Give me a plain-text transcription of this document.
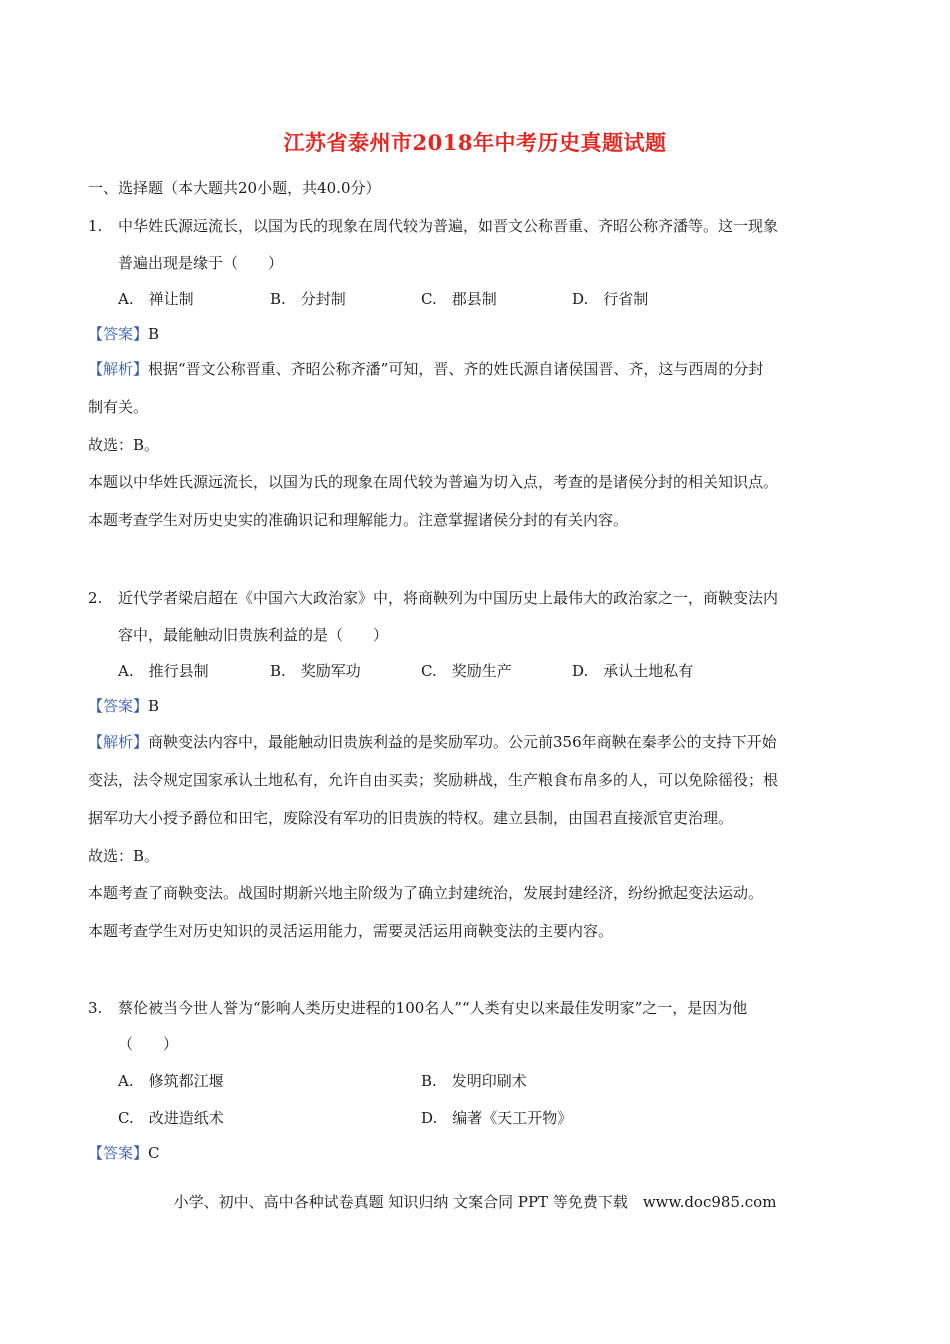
江苏省泰州市2018年中考历史真题试题
一、选择题（本大题共20小题，共40.0分）
1. 中华姓氏源远流长，以国为氏的现象在周代较为普遍，如晋文公称晋重、齐昭公称齐潘等。这一现象
普遍出现是缘于（　　）
A.　禅让制	B.　分封制	C.　郡县制	D.　行省制
【答案】B
【解析】根据“晋文公称晋重、齐昭公称齐潘”可知，晋、齐的姓氏源自诸侯国晋、齐，这与西周的分封
制有关。
故选：B。
本题以中华姓氏源远流长，以国为氏的现象在周代较为普遍为切入点，考查的是诸侯分封的相关知识点。
本题考查学生对历史史实的准确识记和理解能力。注意掌握诸侯分封的有关内容。
2. 近代学者梁启超在《中国六大政治家》中，将商鞅列为中国历史上最伟大的政治家之一，商鞅变法内
容中，最能触动旧贵族利益的是（　　）
A.　推行县制	B.　奖励军功	C.　奖励生产	D.　承认土地私有
【答案】B
【解析】商鞅变法内容中，最能触动旧贵族利益的是奖励军功。公元前356年商鞅在秦孝公的支持下开始
变法，法令规定国家承认土地私有，允许自由买卖；奖励耕战，生产粮食布帛多的人，可以免除徭役；根
据军功大小授予爵位和田宅，废除没有军功的旧贵族的特权。建立县制，由国君直接派官吏治理。
故选：B。
本题考查了商鞅变法。战国时期新兴地主阶级为了确立封建统治，发展封建经济，纷纷掀起变法运动。
本题考查学生对历史知识的灵活运用能力，需要灵活运用商鞅变法的主要内容。
3. 蔡伦被当今世人誉为“影响人类历史进程的100名人”“人类有史以来最佳发明家”之一，是因为他
（　　）
A.　修筑都江堰	B.　发明印刷术
C.　改进造纸术	D.　编著《天工开物》
【答案】C
小学、初中、高中各种试卷真题 知识归纳 文案合同 PPT 等免费下载　www.doc985.com
